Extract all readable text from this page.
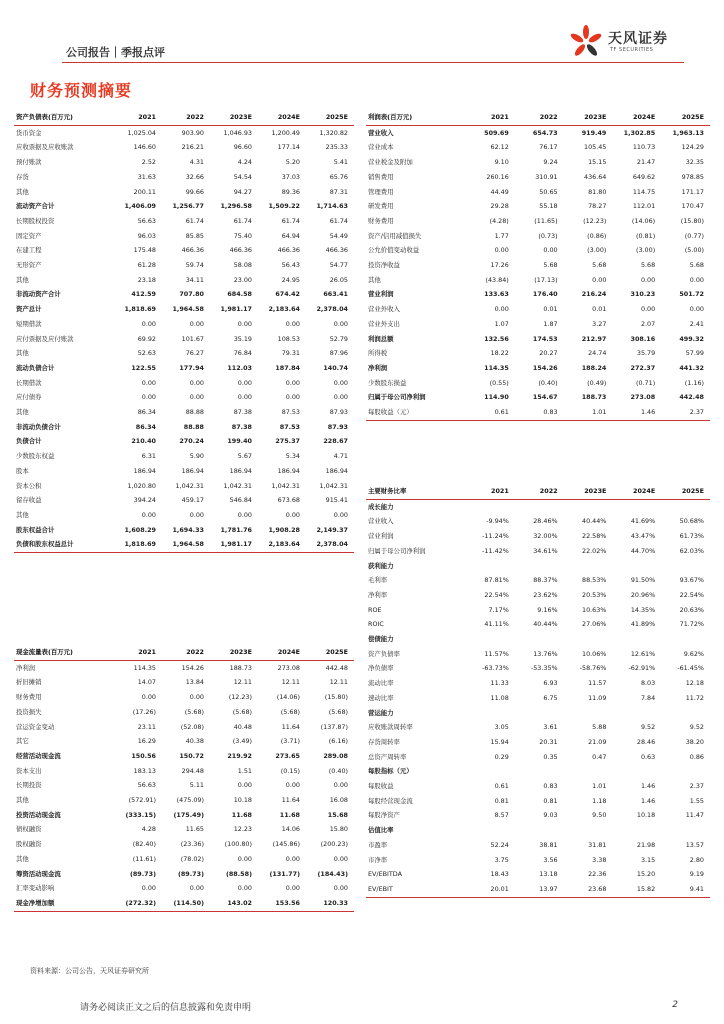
公司报告｜季报点评
天风证券
TF SECURITIES
财务预测摘要
资产负债表(百万元)	2021	2022	2023E	2024E	2025E
货币资金	1,025.04	903.90	1,046.93	1,200.49	1,320.82
应收票据及应收账款	146.60	216.21	96.60	177.14	235.33
预付账款	2.52	4.31	4.24	5.20	5.41
存货	31.63	32.66	54.54	37.03	65.76
其他	200.11	99.66	94.27	89.36	87.31
流动资产合计	1,406.09	1,256.77	1,296.58	1,509.22	1,714.63
长期股权投资	56.63	61.74	61.74	61.74	61.74
固定资产	96.03	85.85	75.40	64.94	54.49
在建工程	175.48	466.36	466.36	466.36	466.36
无形资产	61.28	59.74	58.08	56.43	54.77
其他	23.18	34.11	23.00	24.95	26.05
非流动资产合计	412.59	707.80	684.58	674.42	663.41
资产总计	1,818.69	1,964.58	1,981.17	2,183.64	2,378.04
短期借款	0.00	0.00	0.00	0.00	0.00
应付票据及应付账款	69.92	101.67	35.19	108.53	52.79
其他	52.63	76.27	76.84	79.31	87.96
流动负债合计	122.55	177.94	112.03	187.84	140.74
长期借款	0.00	0.00	0.00	0.00	0.00
应付债券	0.00	0.00	0.00	0.00	0.00
其他	86.34	88.88	87.38	87.53	87.93
非流动负债合计	86.34	88.88	87.38	87.53	87.93
负债合计	210.40	270.24	199.40	275.37	228.67
少数股东权益	6.31	5.90	5.67	5.34	4.71
股本	186.94	186.94	186.94	186.94	186.94
资本公积	1,020.80	1,042.31	1,042.31	1,042.31	1,042.31
留存收益	394.24	459.17	546.84	673.68	915.41
其他	0.00	0.00	0.00	0.00	0.00
股东权益合计	1,608.29	1,694.33	1,781.76	1,908.28	2,149.37
负债和股东权益总计	1,818.69	1,964.58	1,981.17	2,183.64	2,378.04
利润表(百万元)	2021	2022	2023E	2024E	2025E
营业收入	509.69	654.73	919.49	1,302.85	1,963.13
营业成本	62.12	76.17	105.45	110.73	124.29
营业税金及附加	9.10	9.24	15.15	21.47	32.35
销售费用	260.16	310.91	436.64	649.62	978.85
管理费用	44.49	50.65	81.80	114.75	171.17
研发费用	29.28	55.18	78.27	112.01	170.47
财务费用	(4.28)	(11.65)	(12.23)	(14.06)	(15.80)
资产/信用减值损失	1.77	(0.73)	(0.86)	(0.81)	(0.77)
公允价值变动收益	0.00	0.00	(3.00)	(3.00)	(5.00)
投资净收益	17.26	5.68	5.68	5.68	5.68
其他	(43.84)	(17.13)	0.00	0.00	0.00
营业利润	133.63	176.40	216.24	310.23	501.72
营业外收入	0.00	0.01	0.01	0.00	0.00
营业外支出	1.07	1.87	3.27	2.07	2.41
利润总额	132.56	174.53	212.97	308.16	499.32
所得税	18.22	20.27	24.74	35.79	57.99
净利润	114.35	154.26	188.24	272.37	441.32
少数股东损益	(0.55)	(0.40)	(0.49)	(0.71)	(1.16)
归属于母公司净利润	114.90	154.67	188.73	273.08	442.48
每股收益（元）	0.61	0.83	1.01	1.46	2.37
主要财务比率	2021	2022	2023E	2024E	2025E
成长能力					
营业收入	-9.94%	28.46%	40.44%	41.69%	50.68%
营业利润	-11.24%	32.00%	22.58%	43.47%	61.73%
归属于母公司净利润	-11.42%	34.61%	22.02%	44.70%	62.03%
获利能力					
毛利率	87.81%	88.37%	88.53%	91.50%	93.67%
净利率	22.54%	23.62%	20.53%	20.96%	22.54%
ROE	7.17%	9.16%	10.63%	14.35%	20.63%
ROIC	41.11%	40.44%	27.06%	41.89%	71.72%
偿债能力					
资产负债率	11.57%	13.76%	10.06%	12.61%	9.62%
净负债率	-63.73%	-53.35%	-58.76%	-62.91%	-61.45%
流动比率	11.33	6.93	11.57	8.03	12.18
速动比率	11.08	6.75	11.09	7.84	11.72
营运能力					
应收账款周转率	3.05	3.61	5.88	9.52	9.52
存货周转率	15.94	20.31	21.09	28.46	38.20
总资产周转率	0.29	0.35	0.47	0.63	0.86
每股指标（元）					
每股收益	0.61	0.83	1.01	1.46	2.37
每股经营现金流	0.81	0.81	1.18	1.46	1.55
每股净资产	8.57	9.03	9.50	10.18	11.47
估值比率					
市盈率	52.24	38.81	31.81	21.98	13.57
市净率	3.75	3.56	3.38	3.15	2.80
EV/EBITDA	18.43	13.18	22.36	15.20	9.19
EV/EBIT	20.01	13.97	23.68	15.82	9.41
现金流量表(百万元)	2021	2022	2023E	2024E	2025E
净利润	114.35	154.26	188.73	273.08	442.48
折旧摊销	14.07	13.84	12.11	12.11	12.11
财务费用	0.00	0.00	(12.23)	(14.06)	(15.80)
投资损失	(17.26)	(5.68)	(5.68)	(5.68)	(5.68)
营运资金变动	23.11	(52.08)	40.48	11.64	(137.87)
其它	16.29	40.38	(3.49)	(3.71)	(6.16)
经营活动现金流	150.56	150.72	219.92	273.65	289.08
资本支出	183.13	294.48	1.51	(0.15)	(0.40)
长期投资	56.63	5.11	0.00	0.00	0.00
其他	(572.91)	(475.09)	10.18	11.64	16.08
投资活动现金流	(333.15)	(175.49)	11.68	11.68	15.68
债权融资	4.28	11.65	12.23	14.06	15.80
股权融资	(82.40)	(23.36)	(100.80)	(145.86)	(200.23)
其他	(11.61)	(78.02)	0.00	0.00	0.00
筹资活动现金流	(89.73)	(89.73)	(88.58)	(131.77)	(184.43)
汇率变动影响	0.00	0.00	0.00	0.00	0.00
现金净增加额	(272.32)	(114.50)	143.02	153.56	120.33
资料来源：公司公告，天风证券研究所
请务必阅读正文之后的信息披露和免责申明	2
